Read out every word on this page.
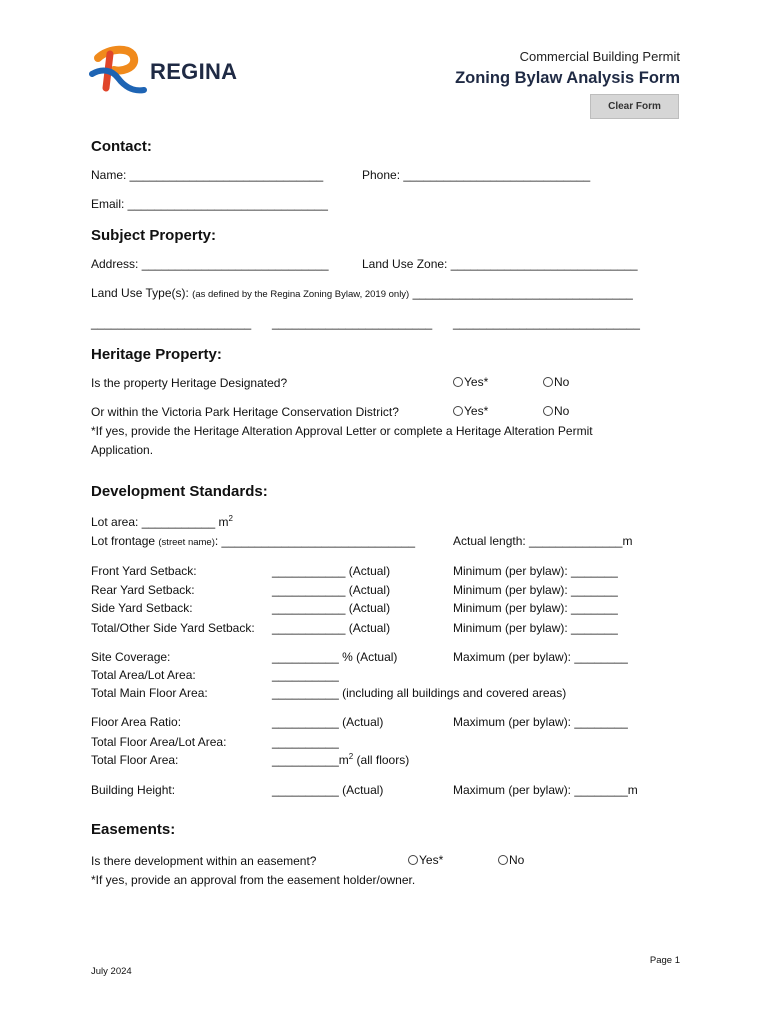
REGINA
Commercial Building Permit
Zoning Bylaw Analysis Form
Clear Form
Contact:
Name: _____________________________	Phone: ____________________________
Email: ______________________________
Subject Property:
Address: ____________________________	Land Use Zone: ____________________________
Land Use Type(s): (as defined by the Regina Zoning Bylaw, 2019 only) _________________________________
________________________ ________________________ ____________________________
Heritage Property:
Is the property Heritage Designated?	Yes*	No
Or within the Victoria Park Heritage Conservation District?	Yes*	No
*If yes, provide the Heritage Alteration Approval Letter or complete a Heritage Alteration Permit
Application.
Development Standards:
Lot area: ___________ $m^2$
Lot frontage (street name): _____________________________	Actual length: ______________m
Front Yard Setback:	___________ (Actual)	Minimum (per bylaw): _______
Rear Yard Setback:	___________ (Actual)	Minimum (per bylaw): _______
Side Yard Setback:	___________ (Actual)	Minimum (per bylaw): _______
Total/Other Side Yard Setback: ___________ (Actual)	Minimum (per bylaw): _______
Site Coverage:	__________ % (Actual)	Maximum (per bylaw): ________
Total Area/Lot Area:	__________
Total Main Floor Area:	__________ (including all buildings and covered areas)
Floor Area Ratio:	__________ (Actual)	Maximum (per bylaw): ________
Total Floor Area/Lot Area:	__________
Total Floor Area:	$\_\_\_\_\_\_\_\_\_\_m^2$ (all floors)
Building Height:	__________ (Actual)	Maximum (per bylaw): ________m
Easements:
Is there development within an easement?	Yes*	No
*If yes, provide an approval from the easement holder/owner.
July 2024
Page 1
